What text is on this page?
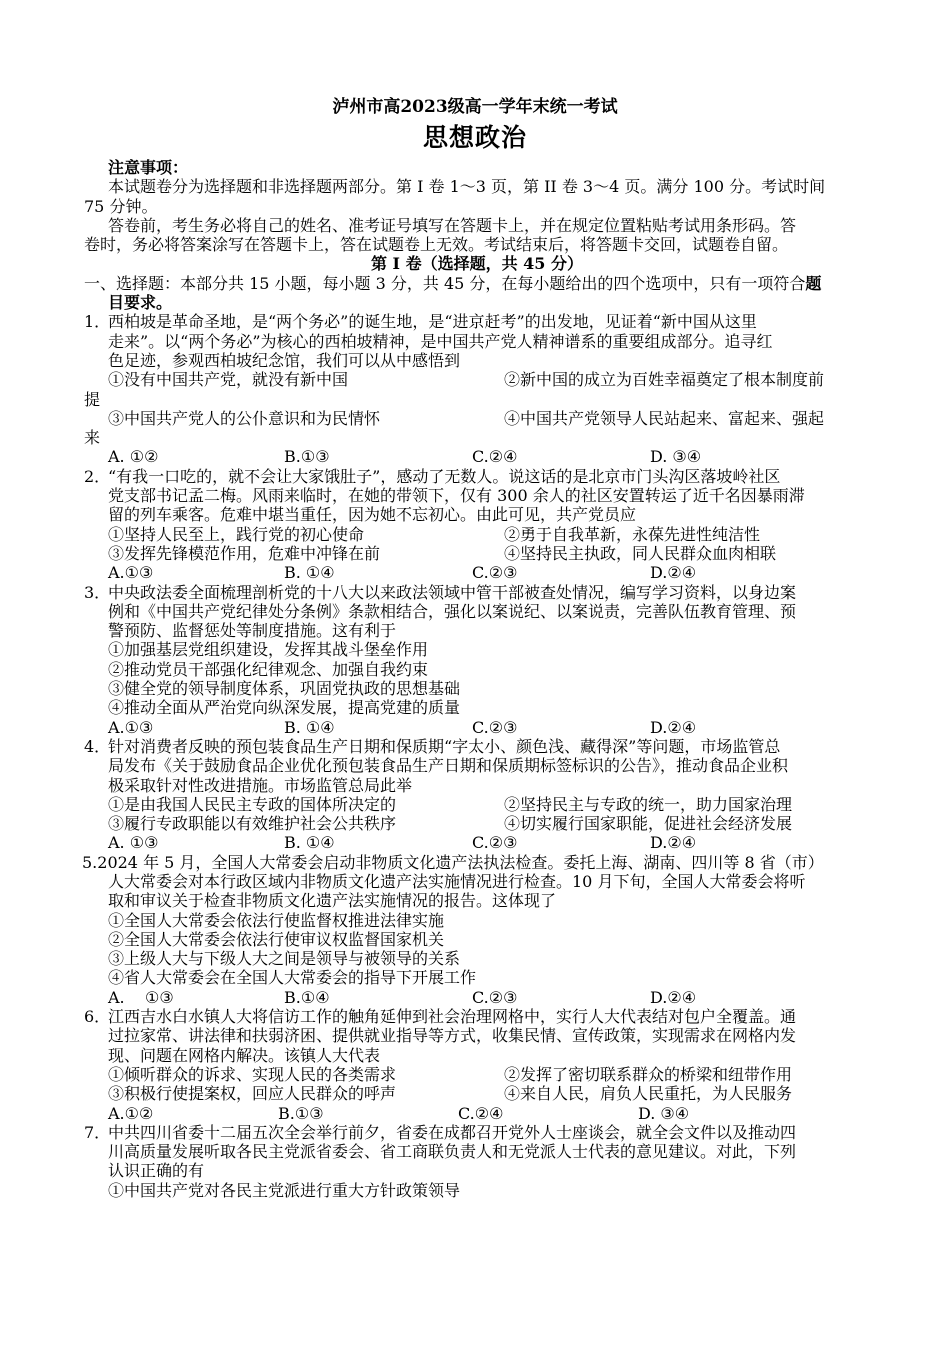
泸州市高2023级高一学年末统一考试
思想政治
注意事项：
本试题卷分为选择题和非选择题两部分。第 I 卷 1～3 页，第 II 卷 3～4 页。满分 100 分。考试时间
75 分钟。
答卷前，考生务必将自己的姓名、准考证号填写在答题卡上，并在规定位置粘贴考试用条形码。答
卷时，务必将答案涂写在答题卡上，答在试题卷上无效。考试结束后，将答题卡交回，试题卷自留。
第 I 卷（选择题，共 45 分）
一、选择题：本部分共 15 小题，每小题 3 分，共 45 分，在每小题给出的四个选项中，只有一项符合题
目要求。
1．
西柏坡是革命圣地，是“两个务必”的诞生地，是“进京赶考”的出发地，见证着“新中国从这里
走来”。以“两个务必”为核心的西柏坡精神，是中国共产党人精神谱系的重要组成部分。追寻红
色足迹，参观西柏坡纪念馆，我们可以从中感悟到
①没有中国共产党，就没有新中国	②新中国的成立为百姓幸福奠定了根本制度前
提
③中国共产党人的公仆意识和为民情怀	④中国共产党领导人民站起来、富起来、强起
来
A. ①②	B.①③	C.②④	D. ③④
2．
“有我一口吃的，就不会让大家饿肚子”，感动了无数人。说这话的是北京市门头沟区落坡岭社区
党支部书记孟二梅。风雨来临时，在她的带领下，仅有 300 余人的社区安置转运了近千名因暴雨滞
留的列车乘客。危难中堪当重任，因为她不忘初心。由此可见，共产党员应
①坚持人民至上，践行党的初心使命	②勇于自我革新，永葆先进性纯洁性
③发挥先锋模范作用，危难中冲锋在前	④坚持民主执政，同人民群众血肉相联
A.①③	B. ①④	C.②③	D.②④
3．
中央政法委全面梳理剖析党的十八大以来政法领域中管干部被查处情况，编写学习资料，以身边案
例和《中国共产党纪律处分条例》条款相结合，强化以案说纪、以案说责，完善队伍教育管理、预
警预防、监督惩处等制度措施。这有利于
①加强基层党组织建设，发挥其战斗堡垒作用
②推动党员干部强化纪律观念、加强自我约束
③健全党的领导制度体系，巩固党执政的思想基础
④推动全面从严治党向纵深发展，提高党建的质量
A.①③	B. ①④	C.②③	D.②④
4．
针对消费者反映的预包装食品生产日期和保质期“字太小、颜色浅、藏得深”等问题，市场监管总
局发布《关于鼓励食品企业优化预包装食品生产日期和保质期标签标识的公告》，推动食品企业积
极采取针对性改进措施。市场监管总局此举
①是由我国人民民主专政的国体所决定的	②坚持民主与专政的统一，助力国家治理
③履行专政职能以有效维护社会公共秩序	④切实履行国家职能，促进社会经济发展
A. ①③	B. ①④	C.②③	D.②④
5.2024 年 5 月，全国人大常委会启动非物质文化遗产法执法检查。委托上海、湖南、四川等 8 省（市）
人大常委会对本行政区域内非物质文化遗产法实施情况进行检查。10 月下旬，全国人大常委会将听
取和审议关于检查非物质文化遗产法实施情况的报告。这体现了
①全国人大常委会依法行使监督权推进法律实施
②全国人大常委会依法行使审议权监督国家机关
③上级人大与下级人大之间是领导与被领导的关系
④省人大常委会在全国人大常委会的指导下开展工作
A.    ①③	B.①④	C.②③	D.②④
6．
江西吉水白水镇人大将信访工作的触角延伸到社会治理网格中，实行人大代表结对包户全覆盖。通
过拉家常、讲法律和扶弱济困、提供就业指导等方式，收集民情、宣传政策，实现需求在网格内发
现、问题在网格内解决。该镇人大代表
①倾听群众的诉求、实现人民的各类需求	②发挥了密切联系群众的桥梁和纽带作用
③积极行使提案权，回应人民群众的呼声	④来自人民，肩负人民重托，为人民服务
A.①②	B.①③	C.②④	D. ③④
7．
中共四川省委十二届五次全会举行前夕，省委在成都召开党外人士座谈会，就全会文件以及推动四
川高质量发展听取各民主党派省委会、省工商联负责人和无党派人士代表的意见建议。对此，下列
认识正确的有
①中国共产党对各民主党派进行重大方针政策领导
